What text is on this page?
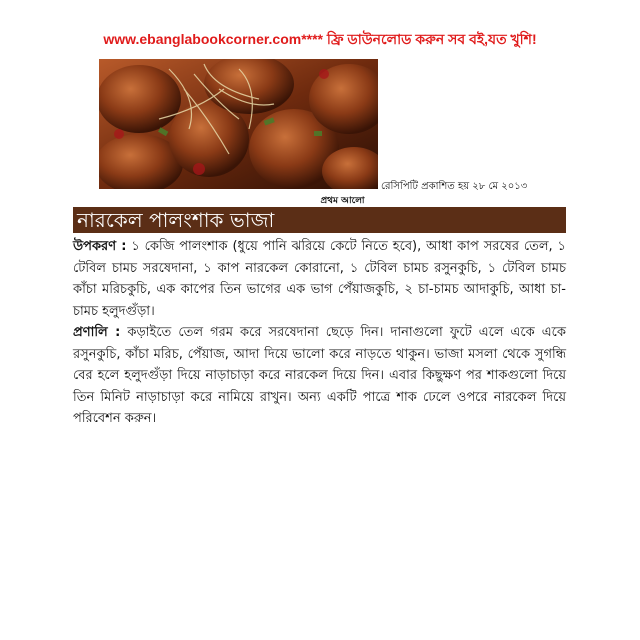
www.ebanglabookcorner.com**** ফ্রি ডাউনলোড করুন সব বই,যত খুশি!
রেসিপিটি প্রকাশিত হয় ২৮ মে ২০১৩
প্রথম আলো
নারকেল পালংশাক ভাজা

উপকরণ : ১ কেজি পালংশাক (ধুয়ে পানি ঝরিয়ে কেটে নিতে হবে), আধা কাপ সরষের তেল, ১ টেবিল চামচ সরষেদানা, ১ কাপ নারকেল কোরানো, ১ টেবিল চামচ রসুনকুচি, ১ টেবিল চামচ কাঁচা মরিচকুচি, এক কাপের তিন ভাগের এক ভাগ পেঁয়াজকুচি, ২ চা-চামচ আদাকুচি, আধা চা-চামচ হলুদগুঁড়া।

প্রণালি : কড়াইতে তেল গরম করে সরষেদানা ছেড়ে দিন। দানাগুলো ফুটে এলে একে একে রসুনকুচি, কাঁচা মরিচ, পেঁয়াজ, আদা দিয়ে ভালো করে নাড়তে থাকুন। ভাজা মসলা থেকে সুগন্ধি বের হলে হলুদগুঁড়া দিয়ে নাড়াচাড়া করে নারকেল দিয়ে দিন। এবার কিছুক্ষণ পর শাকগুলো দিয়ে তিন মিনিট নাড়াচাড়া করে নামিয়ে রাখুন। অন্য একটি পাত্রে শাক ঢেলে ওপরে নারকেল দিয়ে পরিবেশন করুন।
